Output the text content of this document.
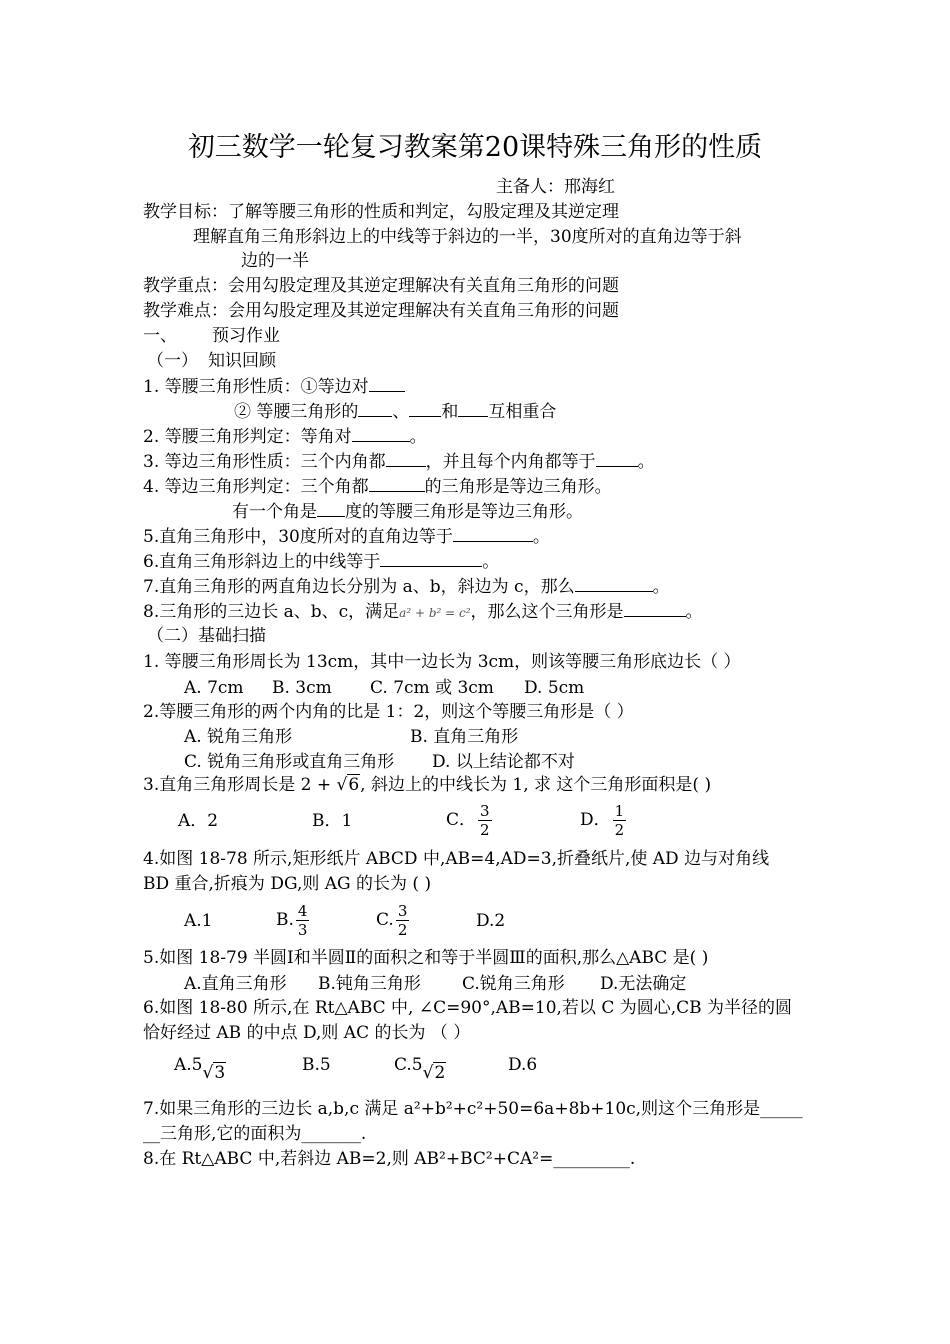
初三数学一轮复习教案第20课特殊三角形的性质
主备人：邢海红
教学目标：了解等腰三角形的性质和判定，勾股定理及其逆定理
理解直角三角形斜边上的中线等于斜边的一半，30度所对的直角边等于斜
边的一半
教学重点：会用勾股定理及其逆定理解决有关直角三角形的问题
教学难点：会用勾股定理及其逆定理解决有关直角三角形的问题
一、 预习作业
（一） 知识回顾
1. 等腰三角形性质：①等边对
② 等腰三角形的 、 和 互相重合
2. 等腰三角形判定：等角对	。
3. 等边三角形性质：三个内角都 ，并且每个内角都等于 。
4. 等边三角形判定：三个角都	的三角形是等边三角形。
有一个角是 度的等腰三角形是等边三角形。
5.直角三角形中，30度所对的直角边等于	。
6.直角三角形斜边上的中线等于	。
7.直角三角形的两直角边长分别为 a、b，斜边为 c，那么	。
8.三角形的三边长 a、b、c，满足a² + b² = c²，那么这个三角形是	。
（二）基础扫描
1. 等腰三角形周长为 13cm，其中一边长为 3cm，则该等腰三角形底边长（ ）
A. 7cm B. 3cm C. 7cm 或 3cm D. 5cm
2.等腰三角形的两个内角的比是 1：2，则这个等腰三角形是（ ）
A. 锐角三角形	B. 直角三角形
C. 锐角三角形或直角三角形 D. 以上结论都不对
3.直角三角形周长是 2 + √6, 斜边上的中线长为 1, 求 这个三角形面积是( )
A．2	B．1	C． $\frac{3}{2}$	D． $\frac{1}{2}$
4.如图 18-78 所示,矩形纸片 ABCD 中,AB=4,AD=3,折叠纸片,使 AD 边与对角线
BD 重合,折痕为 DG,则 AG 的长为 ( )
A.1	B. $\frac{4}{3}$	C. $\frac{3}{2}$	D.2
5.如图 18-79 半圆Ⅰ和半圆Ⅱ的面积之和等于半圆Ⅲ的面积,那么△ABC 是( )
A.直角三角形 B.钝角三角形 C.锐角三角形 D.无法确定
6.如图 18-80 所示,在 Rt△ABC 中, ∠C=90°,AB=10,若以 C 为圆心,CB 为半径的圆
恰好经过 AB 的中点 D,则 AC 的长为 （ ）
A.5√3	B.5	C.5√2	D.6
7.如果三角形的三边长 a,b,c 满足 a²+b²+c²+50=6a+8b+10c,则这个三角形是_____
__三角形,它的面积为_______.
8.在 Rt△ABC 中,若斜边 AB=2,则 AB²+BC²+CA²=_________.
